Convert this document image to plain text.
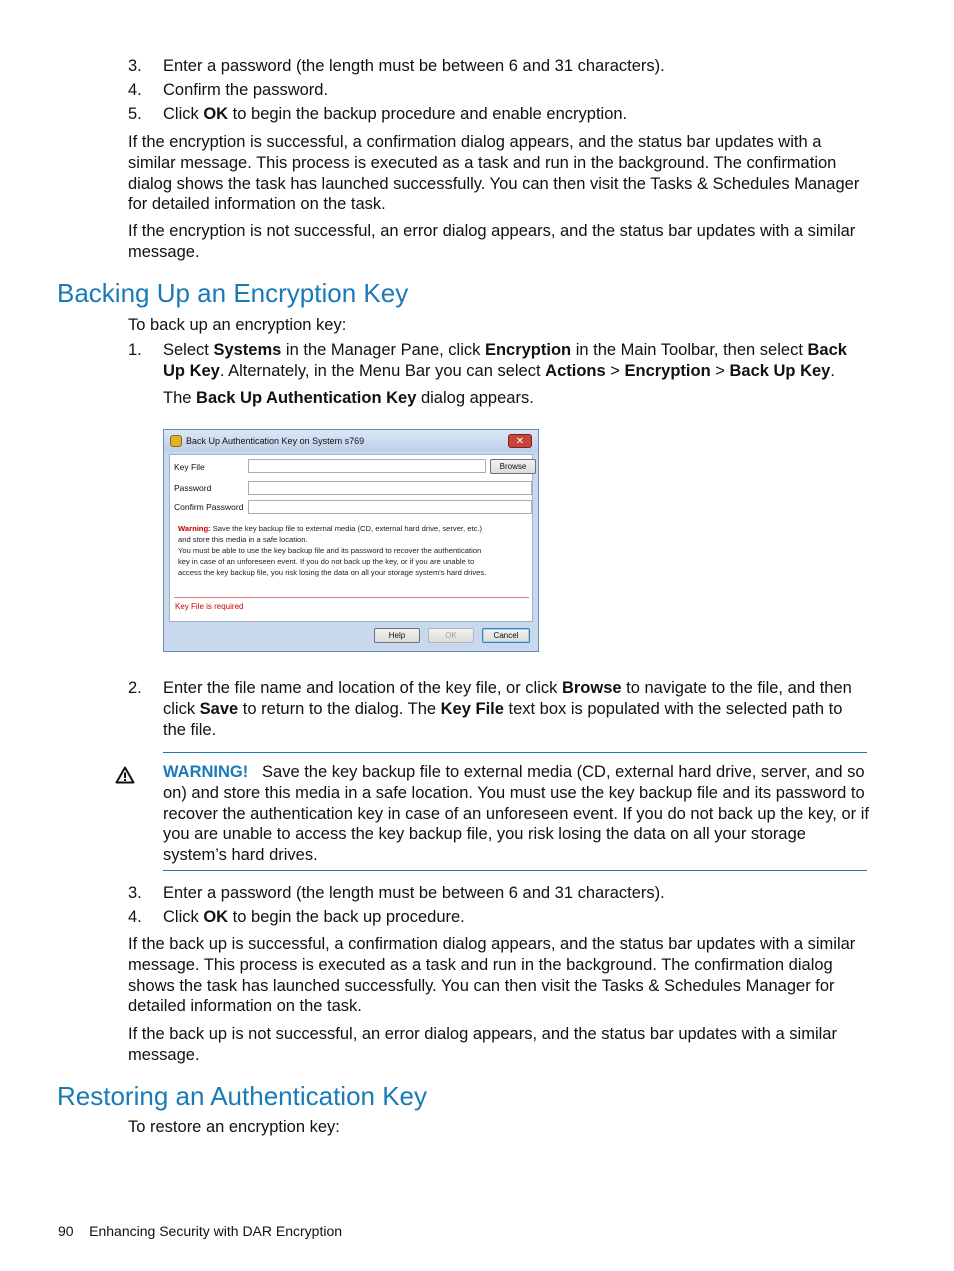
3.	Enter a password (the length must be between 6 and 31 characters).
4.	Confirm the password.
5.	Click OK to begin the backup procedure and enable encryption.

If the encryption is successful, a confirmation dialog appears, and the status bar updates with a similar message. This process is executed as a task and run in the background. The confirmation dialog shows the task has launched successfully. You can then visit the Tasks & Schedules Manager for detailed information on the task.

If the encryption is not successful, an error dialog appears, and the status bar updates with a similar message.

Backing Up an Encryption Key

To back up an encryption key:

1.	Select Systems in the Manager Pane, click Encryption in the Main Toolbar, then select Back Up Key. Alternately, in the Menu Bar you can select Actions > Encryption > Back Up Key.
The Back Up Authentication Key dialog appears.
Back Up Authentication Key on System s769	✕
Key File	Browse
Password
Confirm Password
Warning: Save the key backup file to external media (CD, external hard drive, server, etc.)
and store this media in a safe location.
You must be able to use the key backup file and its password to recover the authentication
key in case of an unforeseen event. If you do not back up the key, or if you are unable to
access the key backup file, you risk losing the data on all your storage system's hard drives.
Key File is required
Help	OK	Cancel
2.	Enter the file name and location of the key file, or click Browse to navigate to the file, and then click Save to return to the dialog. The Key File text box is populated with the selected path to the file.
WARNING! Save the key backup file to external media (CD, external hard drive, server, and so on) and store this media in a safe location. You must use the key backup file and its password to recover the authentication key in case of an unforeseen event. If you do not back up the key, or if you are unable to access the key backup file, you risk losing the data on all your storage system’s hard drives.
3.	Enter a password (the length must be between 6 and 31 characters).
4.	Click OK to begin the back up procedure.

If the back up is successful, a confirmation dialog appears, and the status bar updates with a similar message. This process is executed as a task and run in the background. The confirmation dialog shows the task has launched successfully. You can then visit the Tasks & Schedules Manager for detailed information on the task.

If the back up is not successful, an error dialog appears, and the status bar updates with a similar message.

Restoring an Authentication Key

To restore an encryption key:

90 Enhancing Security with DAR Encryption
